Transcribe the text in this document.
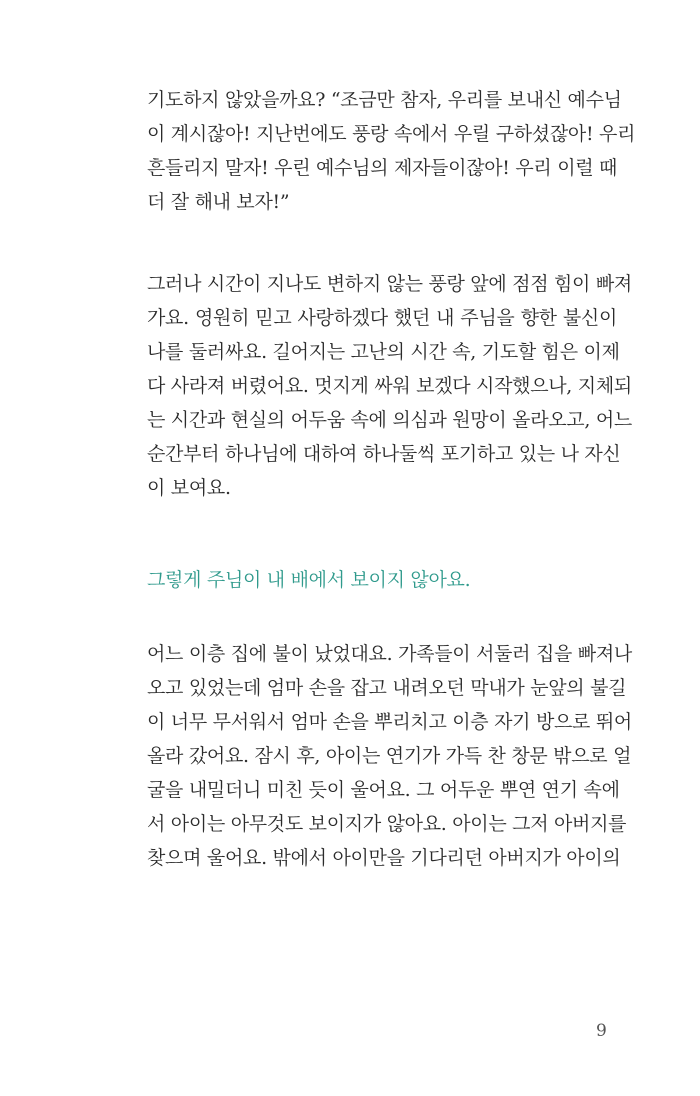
기도하지 않았을까요? “조금만 참자, 우리를 보내신 예수님
이 계시잖아! 지난번에도 풍랑 속에서 우릴 구하셨잖아! 우리
흔들리지 말자! 우린 예수님의 제자들이잖아! 우리 이럴 때
더 잘 해내 보자!”
그러나 시간이 지나도 변하지 않는 풍랑 앞에 점점 힘이 빠져
가요. 영원히 믿고 사랑하겠다 했던 내 주님을 향한 불신이
나를 둘러싸요. 길어지는 고난의 시간 속, 기도할 힘은 이제
다 사라져 버렸어요. 멋지게 싸워 보겠다 시작했으나, 지체되
는 시간과 현실의 어두움 속에 의심과 원망이 올라오고, 어느
순간부터 하나님에 대하여 하나둘씩 포기하고 있는 나 자신
이 보여요.
그렇게 주님이 내 배에서 보이지 않아요.
어느 이층 집에 불이 났었대요. 가족들이 서둘러 집을 빠져나
오고 있었는데 엄마 손을 잡고 내려오던 막내가 눈앞의 불길
이 너무 무서워서 엄마 손을 뿌리치고 이층 자기 방으로 뛰어
올라 갔어요. 잠시 후, 아이는 연기가 가득 찬 창문 밖으로 얼
굴을 내밀더니 미친 듯이 울어요. 그 어두운 뿌연 연기 속에
서 아이는 아무것도 보이지가 않아요. 아이는 그저 아버지를
찾으며 울어요. 밖에서 아이만을 기다리던 아버지가 아이의
9
